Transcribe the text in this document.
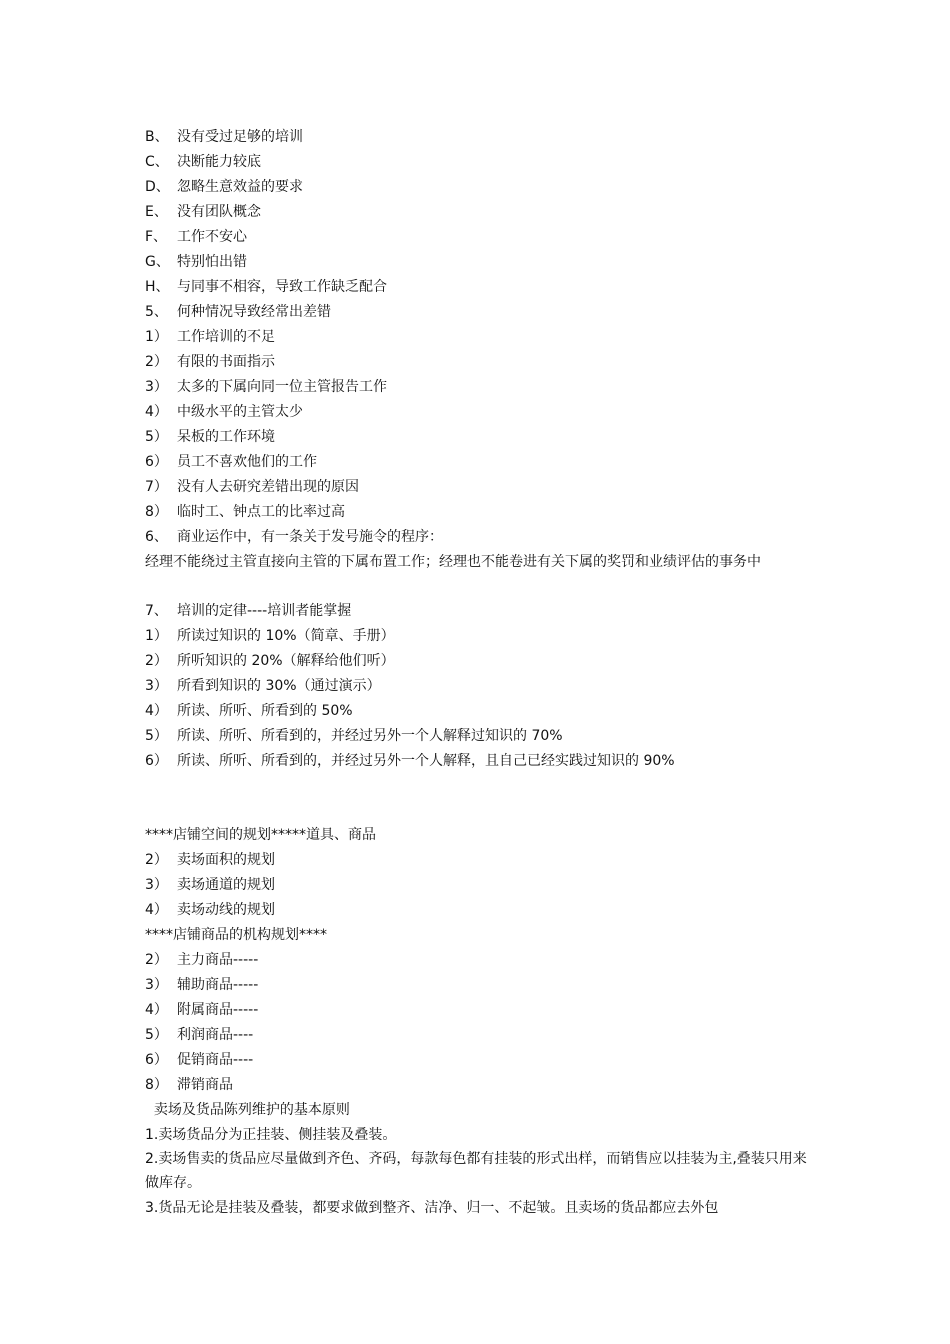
B、 没有受过足够的培训
C、 决断能力较底
D、 忽略生意效益的要求
E、 没有团队概念
F、 工作不安心
G、 特别怕出错
H、 与同事不相容，导致工作缺乏配合
5、 何种情况导致经常出差错
1） 工作培训的不足
2） 有限的书面指示
3） 太多的下属向同一位主管报告工作
4） 中级水平的主管太少
5） 呆板的工作环境
6） 员工不喜欢他们的工作
7） 没有人去研究差错出现的原因
8） 临时工、钟点工的比率过高
6、 商业运作中，有一条关于发号施令的程序：
经理不能绕过主管直接向主管的下属布置工作；经理也不能卷进有关下属的奖罚和业绩评估的事务中
7、 培训的定律----培训者能掌握
1） 所读过知识的 10%（简章、手册）
2） 所听知识的 20%（解释给他们听）
3） 所看到知识的 30%（通过演示）
4） 所读、所听、所看到的 50%
5） 所读、所听、所看到的，并经过另外一个人解释过知识的 70%
6） 所读、所听、所看到的，并经过另外一个人解释，且自己已经实践过知识的 90%
****店铺空间的规划*****道具、商品
2） 卖场面积的规划
3） 卖场通道的规划
4） 卖场动线的规划
****店铺商品的机构规划****
2） 主力商品-----
3） 辅助商品-----
4） 附属商品-----
5） 利润商品----
6） 促销商品----
8） 滞销商品
卖场及货品陈列维护的基本原则
1.卖场货品分为正挂装、侧挂装及叠装。
2.卖场售卖的货品应尽量做到齐色、齐码，每款每色都有挂装的形式出样，而销售应以挂装为主,叠装只用来做库存。
3.货品无论是挂装及叠装，都要求做到整齐、洁净、归一、不起皱。且卖场的货品都应去外包
